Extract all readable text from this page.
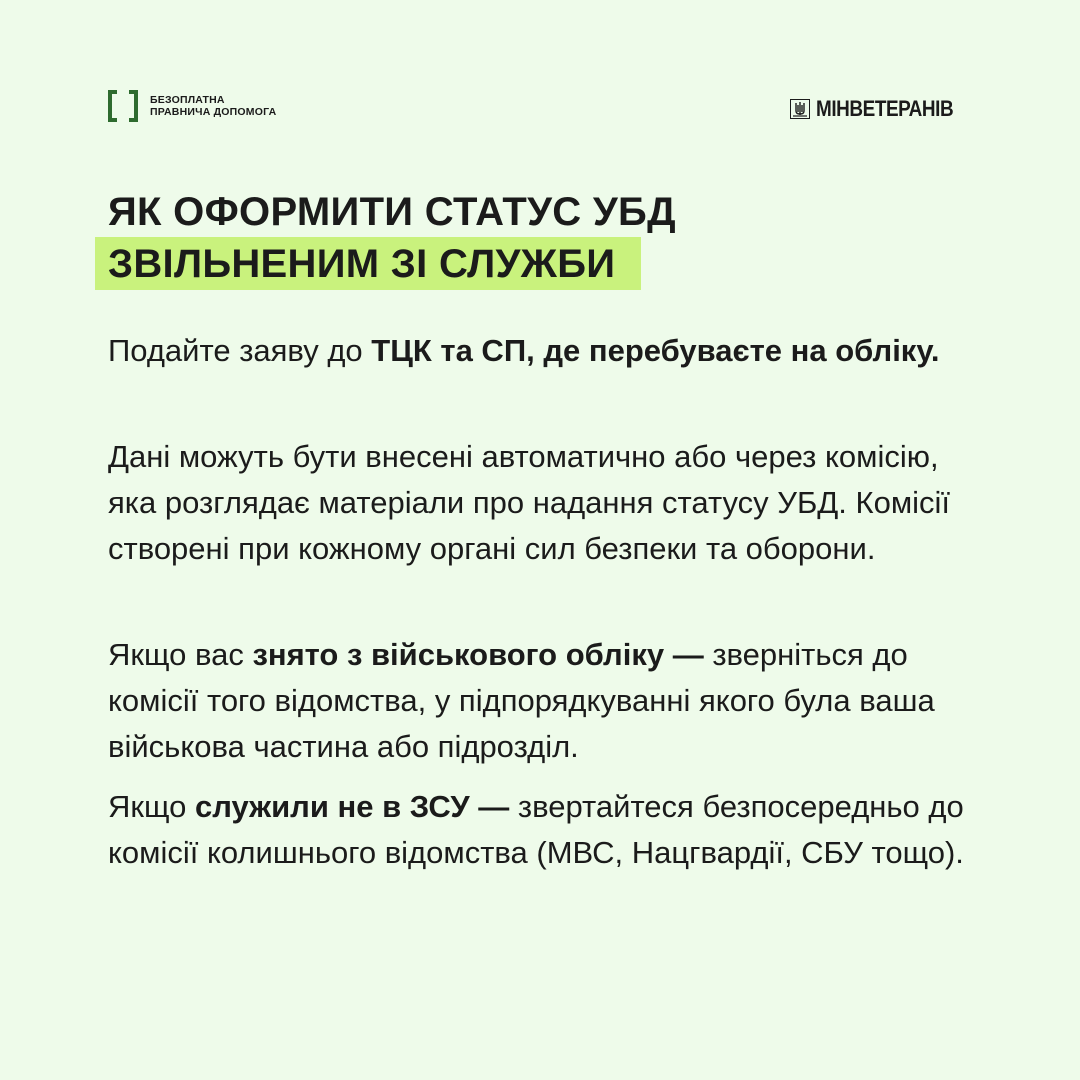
БЕЗОПЛАТНА
ПРАВНИЧА ДОПОМОГА	МІНВЕТЕРАНІВ
ЯК ОФОРМИТИ СТАТУС УБД
ЗВІЛЬНЕНИМ ЗІ СЛУЖБИ
Подайте заяву до ТЦК та СП, де перебуваєте на обліку.
Дані можуть бути внесені автоматично або через комісію, яка розглядає матеріали про надання статусу УБД. Комісії створені при кожному органі сил безпеки та оборони.
Якщо вас знято з військового обліку — зверніться до комісії того відомства, у підпорядкуванні якого була ваша військова частина або підрозділ.
Якщо служили не в ЗСУ — звертайтеся безпосередньо до комісії колишнього відомства (МВС, Нацгвардії, СБУ тощо).
